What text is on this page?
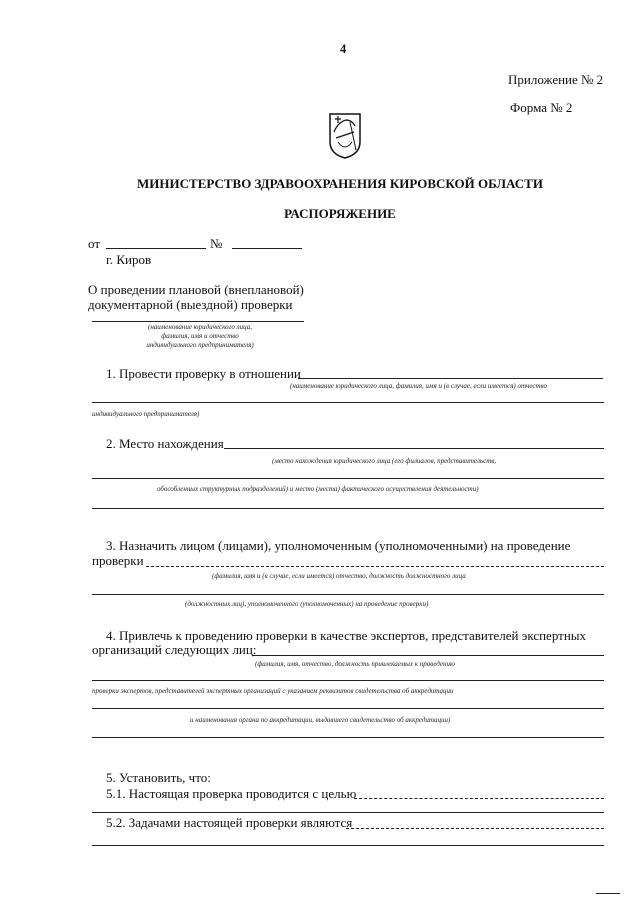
4
Приложение № 2
Форма № 2
МИНИСТЕРСТВО ЗДРАВООХРАНЕНИЯ КИРОВСКОЙ ОБЛАСТИ
РАСПОРЯЖЕНИЕ
от	№
г. Киров
О проведении плановой (внеплановой)
документарной (выездной) проверки
(наименование юридического лица,
фамилия, имя и отчество
индивидуального предпринимателя)
1. Провести проверку в отношении
(наименование юридического лица, фамилия, имя и (в случае, если имеется) отчество
индивидуального предпринимателя)
2. Место нахождения
(место нахождения юридического лица (его филиалов, представительств,
обособленных структурных подразделений) и место (места) фактического осуществления деятельности)
3. Назначить лицом (лицами), уполномоченным (уполномоченными) на проведение
проверки
(фамилия, имя и (в случае, если имеется) отчество, должность должностного лица
(должностных лиц), уполномоченного (уполномоченных) на проведение проверки)
4. Привлечь к проведению проверки в качестве экспертов, представителей экспертных
организаций следующих лиц:
(фамилия, имя, отчество, должность привлекаемых к проведению
проверки экспертов, представителей экспертных организаций с указанием реквизитов свидетельства об аккредитации
и наименования органа по аккредитации, выдавшего свидетельство об аккредитации)
5. Установить, что:
5.1. Настоящая проверка проводится с целью
5.2. Задачами настоящей проверки являются
